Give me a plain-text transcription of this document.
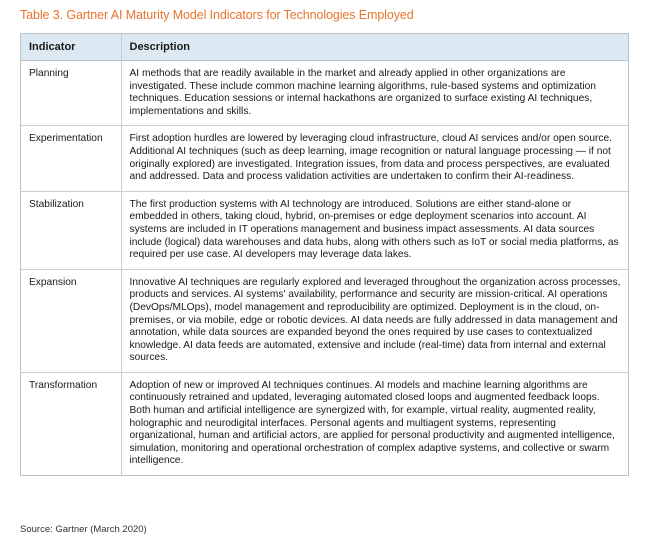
Table 3. Gartner AI Maturity Model Indicators for Technologies Employed
Indicator	Description
Planning	AI methods that are readily available in the market and already applied in other organizations are investigated. These include common machine learning algorithms, rule-based systems and optimization techniques. Education sessions or internal hackathons are organized to surface existing AI techniques, implementations and skills.
Experimentation	First adoption hurdles are lowered by leveraging cloud infrastructure, cloud AI services and/or open source. Additional AI techniques (such as deep learning, image recognition or natural language processing — if not originally explored) are investigated. Integration issues, from data and process perspectives, are evaluated and addressed. Data and process validation activities are undertaken to confirm their AI-readiness.
Stabilization	The first production systems with AI technology are introduced. Solutions are either stand-alone or embedded in others, taking cloud, hybrid, on-premises or edge deployment scenarios into account. AI systems are included in IT operations management and business impact assessments. AI data sources include (logical) data warehouses and data hubs, along with others such as IoT or social media platforms, as required per use case. AI developers may leverage data lakes.
Expansion	Innovative AI techniques are regularly explored and leveraged throughout the organization across processes, products and services. AI systems' availability, performance and security are mission-critical. AI operations (DevOps/MLOps), model management and reproducibility are optimized. Deployment is in the cloud, on-premises, or via mobile, edge or robotic devices. AI data needs are fully addressed in data management and annotation, while data sources are expanded beyond the ones required by use cases to contextualized knowledge. AI data feeds are automated, extensive and include (real-time) data from internal and external sources.
Transformation	Adoption of new or improved AI techniques continues. AI models and machine learning algorithms are continuously retrained and updated, leveraging automated closed loops and augmented feedback loops. Both human and artificial intelligence are synergized with, for example, virtual reality, augmented reality, holographic and neurodigital interfaces. Personal agents and multiagent systems, representing organizational, human and artificial actors, are applied for personal productivity and augmented intelligence, simulation, monitoring and operational orchestration of complex adaptive systems, and collective or swarm intelligence.
Source: Gartner (March 2020)
